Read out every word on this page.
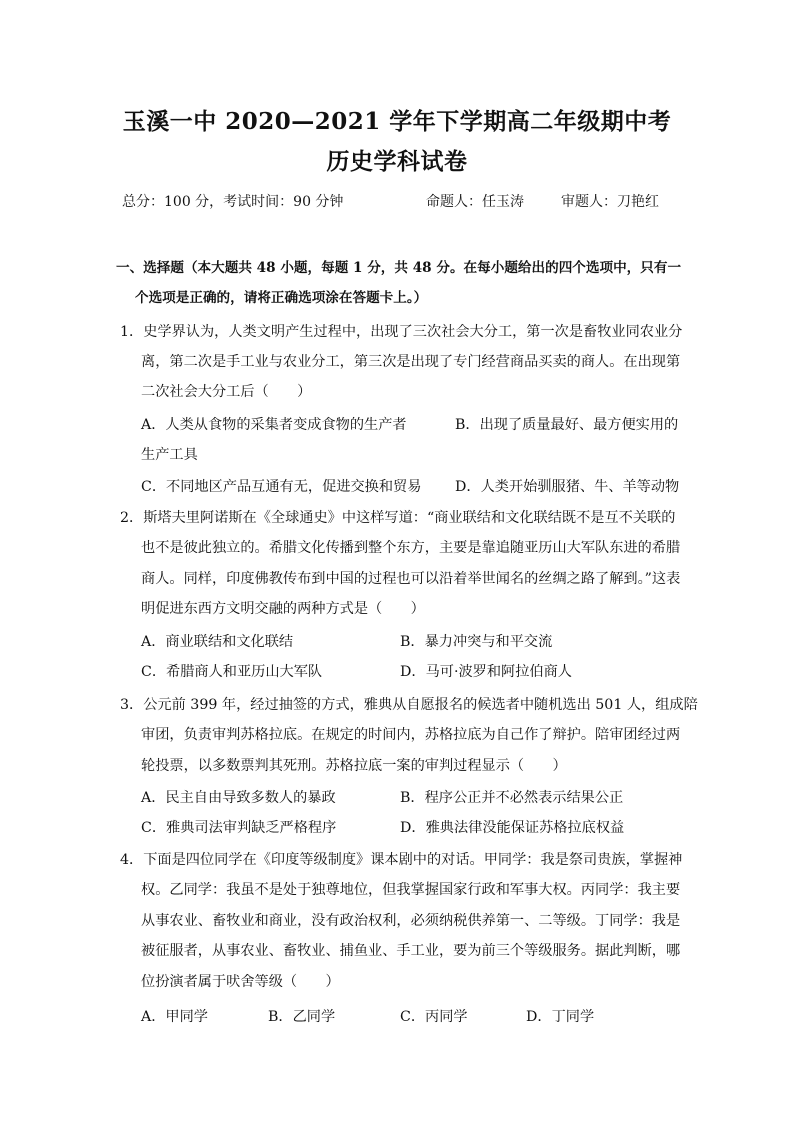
玉溪一中 2020—2021 学年下学期高二年级期中考
历史学科试卷
总分：100 分，考试时间：90 分钟	命题人：任玉涛	审题人：刀艳红
一、选择题（本大题共 48 小题，每题 1 分，共 48 分。在每小题给出的四个选项中，只有一
个选项是正确的，请将正确选项涂在答题卡上。）
1．史学界认为，人类文明产生过程中，出现了三次社会大分工，第一次是畜牧业同农业分
离，第二次是手工业与农业分工，第三次是出现了专门经营商品买卖的商人。在出现第
二次社会大分工后（　　）
A．人类从食物的采集者变成食物的生产者	B．出现了质量最好、最方便实用的
生产工具
C．不同地区产品互通有无，促进交换和贸易 D．人类开始驯服猪、牛、羊等动物
2．斯塔夫里阿诺斯在《全球通史》中这样写道：“商业联结和文化联结既不是互不关联的
也不是彼此独立的。希腊文化传播到整个东方，主要是靠追随亚历山大军队东进的希腊
商人。同样，印度佛教传布到中国的过程也可以沿着举世闻名的丝绸之路了解到。”这表
明促进东西方文明交融的两种方式是（　　）
A．商业联结和文化联结	B．暴力冲突与和平交流
C．希腊商人和亚历山大军队	D．马可·波罗和阿拉伯商人
3．公元前 399 年，经过抽签的方式，雅典从自愿报名的候选者中随机选出 501 人，组成陪
审团，负责审判苏格拉底。在规定的时间内，苏格拉底为自己作了辩护。陪审团经过两
轮投票，以多数票判其死刑。苏格拉底一案的审判过程显示（　　）
A．民主自由导致多数人的暴政	B．程序公正并不必然表示结果公正
C．雅典司法审判缺乏严格程序	D．雅典法律没能保证苏格拉底权益
4．下面是四位同学在《印度等级制度》课本剧中的对话。甲同学：我是祭司贵族，掌握神
权。乙同学：我虽不是处于独尊地位，但我掌握国家行政和军事大权。丙同学：我主要
从事农业、畜牧业和商业，没有政治权利，必须纳税供养第一、二等级。丁同学：我是
被征服者，从事农业、畜牧业、捕鱼业、手工业，要为前三个等级服务。据此判断，哪
位扮演者属于吠舍等级（　　）
A．甲同学	B．乙同学	C．丙同学	D．丁同学
